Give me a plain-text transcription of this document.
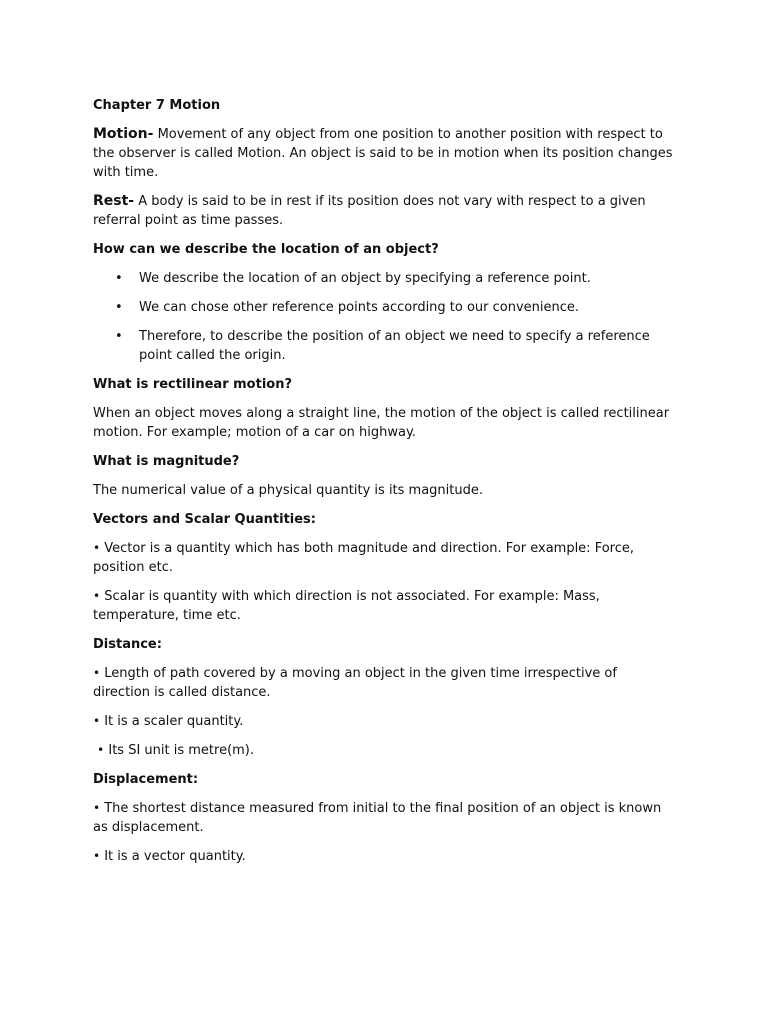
Chapter 7 Motion

Motion- Movement of any object from one position to another position with respect to the observer is called Motion. An object is said to be in motion when its position changes with time.

Rest- A body is said to be in rest if its position does not vary with respect to a given referral point as time passes.

How can we describe the location of an object?

• We describe the location of an object by specifying a reference point.
• We can chose other reference points according to our convenience.
• Therefore, to describe the position of an object we need to specify a reference point called the origin.

What is rectilinear motion?

When an object moves along a straight line, the motion of the object is called rectilinear motion. For example; motion of a car on highway.

What is magnitude?

The numerical value of a physical quantity is its magnitude.

Vectors and Scalar Quantities:

• Vector is a quantity which has both magnitude and direction. For example: Force, position etc.

• Scalar is quantity with which direction is not associated. For example: Mass, temperature, time etc.

Distance:

• Length of path covered by a moving an object in the given time irrespective of direction is called distance.

• It is a scaler quantity.

• Its SI unit is metre(m).

Displacement:

• The shortest distance measured from initial to the final position of an object is known as displacement.

• It is a vector quantity.
